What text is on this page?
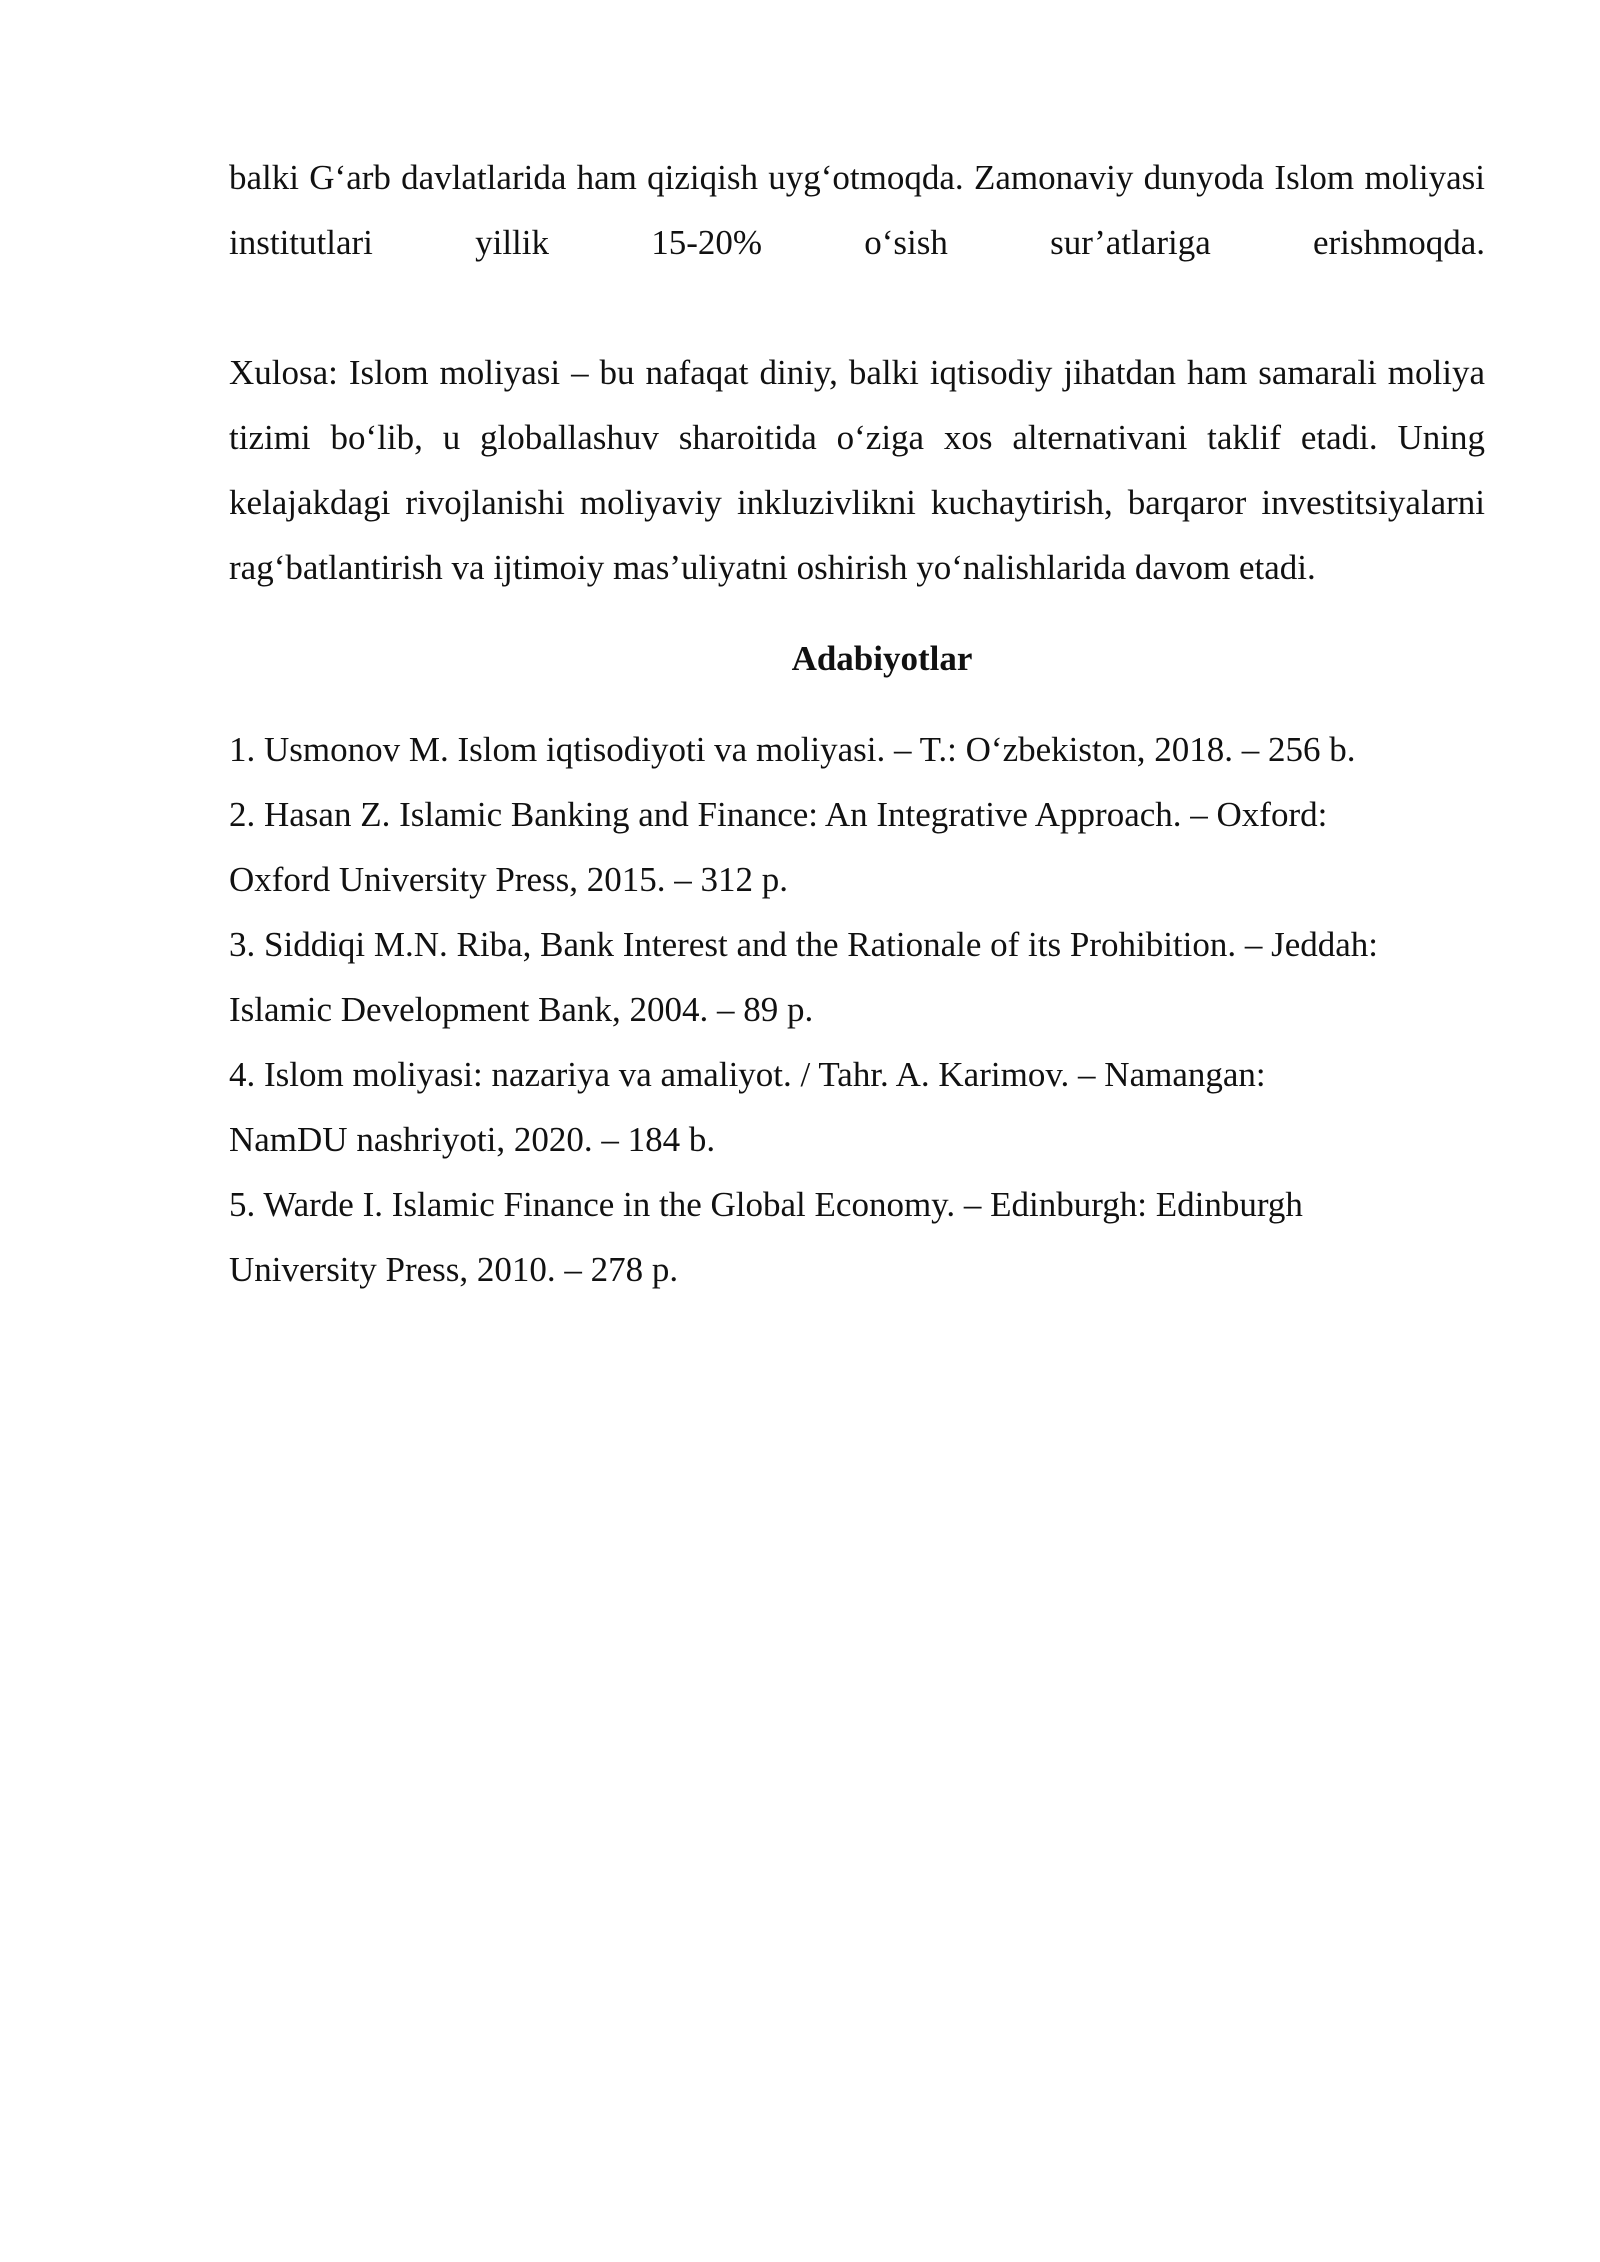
balki G‘arb davlatlarida ham qiziqish uyg‘otmoqda. Zamonaviy dunyoda Islom moliyasi institutlari yillik 15-20% o‘sish sur’atlariga erishmoqda.

Xulosa: Islom moliyasi – bu nafaqat diniy, balki iqtisodiy jihatdan ham samarali moliya tizimi bo‘lib, u globallashuv sharoitida o‘ziga xos alternativani taklif etadi. Uning kelajakdagi rivojlanishi moliyaviy inkluzivlikni kuchaytirish, barqaror investitsiyalarni rag‘batlantirish va ijtimoiy mas’uliyatni oshirish yo‘nalishlarida davom etadi.

Adabiyotlar
1. Usmonov M. Islom iqtisodiyoti va moliyasi. – T.: O‘zbekiston, 2018. – 256 b.
2. Hasan Z. Islamic Banking and Finance: An Integrative Approach. – Oxford:
Oxford University Press, 2015. – 312 p.
3. Siddiqi M.N. Riba, Bank Interest and the Rationale of its Prohibition. – Jeddah:
Islamic Development Bank, 2004. – 89 p.
4. Islom moliyasi: nazariya va amaliyot. / Tahr. A. Karimov. – Namangan:
NamDU nashriyoti, 2020. – 184 b.
5. Warde I. Islamic Finance in the Global Economy. – Edinburgh: Edinburgh
University Press, 2010. – 278 p.
